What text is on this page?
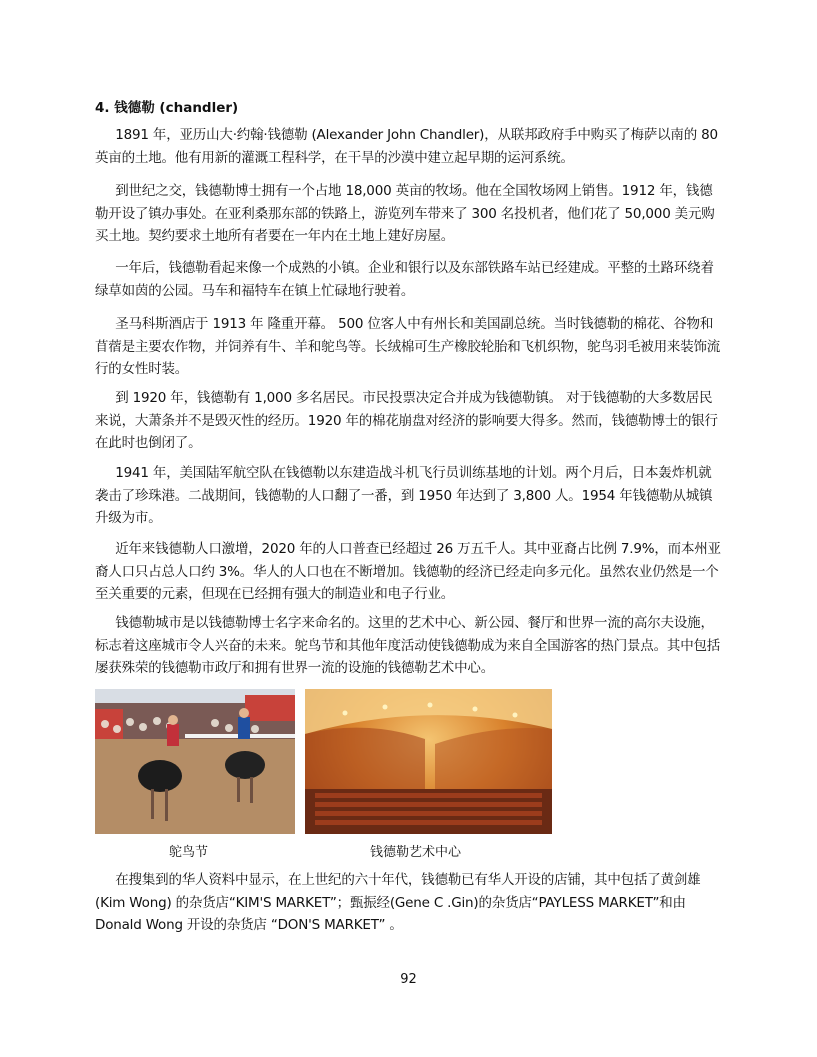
4. 钱德勒 (chandler)

1891 年，亚历山大·约翰·钱德勒 (Alexander John Chandler)，从联邦政府手中购买了梅萨以南的 80 英亩的土地。他有用新的灌溉工程科学，在干旱的沙漠中建立起早期的运河系统。

到世纪之交，钱德勒博士拥有一个占地 18,000 英亩的牧场。他在全国牧场网上销售。1912 年，钱德勒开设了镇办事处。在亚利桑那东部的铁路上，游览列车带来了 300 名投机者，他们花了 50,000 美元购买土地。契约要求土地所有者要在一年内在土地上建好房屋。

一年后，钱德勒看起来像一个成熟的小镇。企业和银行以及东部铁路车站已经建成。平整的土路环绕着绿草如茵的公园。马车和福特车在镇上忙碌地行驶着。

圣马科斯酒店于 1913 年 隆重开幕。 500 位客人中有州长和美国副总统。当时钱德勒的棉花、谷物和苜蓿是主要农作物，并饲养有牛、羊和鸵鸟等。长绒棉可生产橡胶轮胎和飞机织物，鸵鸟羽毛被用来装饰流行的女性时装。

到 1920 年，钱德勒有 1,000 多名居民。市民投票决定合并成为钱德勒镇。 对于钱德勒的大多数居民来说，大萧条并不是毁灭性的经历。1920 年的棉花崩盘对经济的影响要大得多。然而，钱德勒博士的银行在此时也倒闭了。

1941 年，美国陆军航空队在钱德勒以东建造战斗机飞行员训练基地的计划。两个月后，日本轰炸机就袭击了珍珠港。二战期间，钱德勒的人口翻了一番，到 1950 年达到了 3,800 人。1954 年钱德勒从城镇升级为市。

近年来钱德勒人口激增，2020 年的人口普查已经超过 26 万五千人。其中亚裔占比例 7.9%，而本州亚裔人口只占总人口约 3%。华人的人口也在不断增加。钱德勒的经济已经走向多元化。虽然农业仍然是一个至关重要的元素，但现在已经拥有强大的制造业和电子行业。

钱德勒城市是以钱德勒博士名字来命名的。这里的艺术中心、新公园、餐厅和世界一流的高尔夫设施，标志着这座城市令人兴奋的未来。鸵鸟节和其他年度活动使钱德勒成为来自全国游客的热门景点。其中包括屡获殊荣的钱德勒市政厅和拥有世界一流的设施的钱德勒艺术中心。

鸵鸟节	钱德勒艺术中心

在搜集到的华人资料中显示，在上世纪的六十年代，钱德勒已有华人开设的店铺，其中包括了黄剑雄(Kim Wong) 的杂货店“KIM'S MARKET”；甄振经(Gene C .Gin)的杂货店“PAYLESS MARKET”和由 Donald Wong 开设的杂货店 “DON'S MARKET” 。

92
